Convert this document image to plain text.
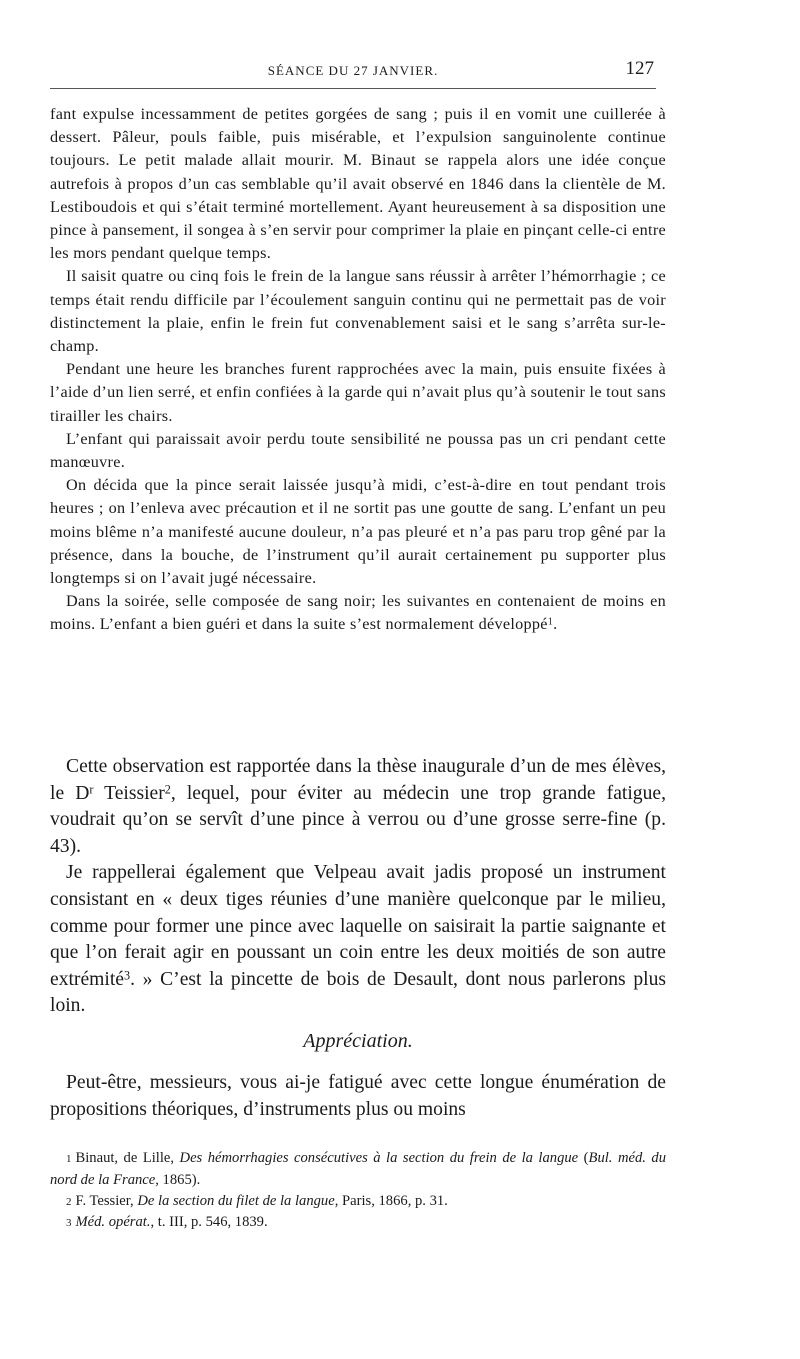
SÉANCE DU 27 JANVIER.	127

fant expulse incessamment de petites gorgées de sang ; puis il en vomit une cuillerée à dessert. Pâleur, pouls faible, puis misérable, et l’expulsion sanguinolente continue toujours. Le petit malade allait mourir. M. Binaut se rappela alors une idée conçue autrefois à propos d’un cas semblable qu’il avait observé en 1846 dans la clientèle de M. Lestiboudois et qui s’était terminé mortellement. Ayant heureusement à sa disposition une pince à pansement, il songea à s’en servir pour comprimer la plaie en pinçant celle-ci entre les mors pendant quelque temps.

Il saisit quatre ou cinq fois le frein de la langue sans réussir à arrêter l’hémorrhagie ; ce temps était rendu difficile par l’écoulement sanguin continu qui ne permettait pas de voir distinctement la plaie, enfin le frein fut convenablement saisi et le sang s’arrêta sur-le-champ.

Pendant une heure les branches furent rapprochées avec la main, puis ensuite fixées à l’aide d’un lien serré, et enfin confiées à la garde qui n’avait plus qu’à soutenir le tout sans tirailler les chairs.

L’enfant qui paraissait avoir perdu toute sensibilité ne poussa pas un cri pendant cette manœuvre.

On décida que la pince serait laissée jusqu’à midi, c’est-à-dire en tout pendant trois heures ; on l’enleva avec précaution et il ne sortit pas une goutte de sang. L’enfant un peu moins blême n’a manifesté aucune douleur, n’a pas pleuré et n’a pas paru trop gêné par la présence, dans la bouche, de l’instrument qu’il aurait certainement pu supporter plus longtemps si on l’avait jugé nécessaire.

Dans la soirée, selle composée de sang noir; les suivantes en contenaient de moins en moins. L’enfant a bien guéri et dans la suite s’est normalement développé$^1$.

Cette observation est rapportée dans la thèse inaugurale d’un de mes élèves, le $D^r$ Teissier$^2$, lequel, pour éviter au médecin une trop grande fatigue, voudrait qu’on se servît d’une pince à verrou ou d’une grosse serre-fine (p. 43).

Je rappellerai également que Velpeau avait jadis proposé un instrument consistant en « deux tiges réunies d’une manière quelconque par le milieu, comme pour former une pince avec laquelle on saisirait la partie saignante et que l’on ferait agir en poussant un coin entre les deux moitiés de son autre extrémité$^3$. » C’est la pincette de bois de Desault, dont nous parlerons plus loin.

Appréciation.

Peut-être, messieurs, vous ai-je fatigué avec cette longue énumération de propositions théoriques, d’instruments plus ou moins

1 Binaut, de Lille, Des hémorrhagies consécutives à la section du frein de la langue (Bul. méd. du nord de la France, 1865).

2 F. Tessier, De la section du filet de la langue, Paris, 1866, p. 31.

3 Méd. opérat., t. III, p. 546, 1839.
